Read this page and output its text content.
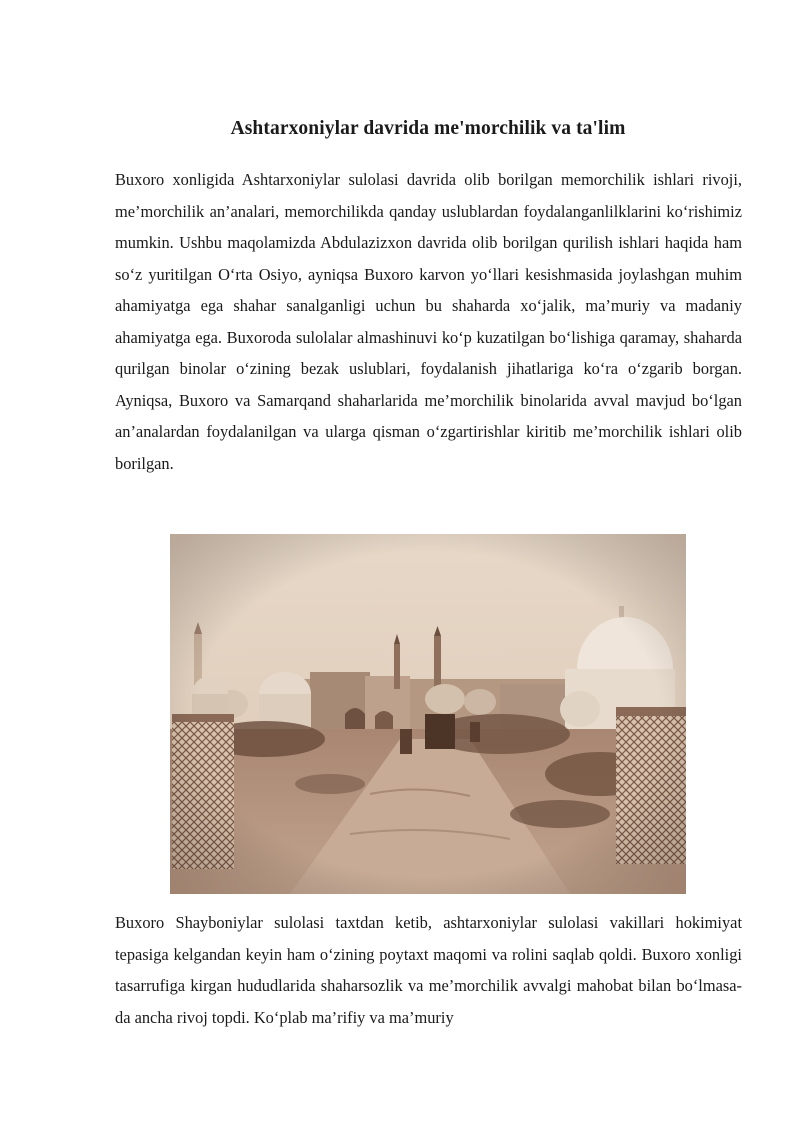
Ashtarxoniylar davrida me'morchilik va ta'lim

Buxoro xonligida Ashtarxoniylar sulolasi davrida olib borilgan memorchilik ishlari rivoji, me’morchilik an’analari, memorchilikda qanday uslublardan foydalanganlilklarini ko‘rishimiz mumkin. Ushbu maqolamizda Abdulazizxon davrida olib borilgan qurilish ishlari haqida ham so‘z yuritilgan O‘rta Osiyo, ayniqsa Buxoro karvon yo‘llari kesishmasida joylashgan muhim ahamiyatga ega shahar sanalganligi uchun bu shaharda xo‘jalik, ma’muriy va madaniy ahamiyatga ega. Buxoroda sulolalar almashinuvi ko‘p kuzatilgan bo‘lishiga qaramay, shaharda qurilgan binolar o‘zining bezak uslublari, foydalanish jihatlariga ko‘ra o‘zgarib borgan. Ayniqsa, Buxoro va Samarqand shaharlarida me’morchilik binolarida avval mavjud bo‘lgan an’analardan foydalanilgan va ularga qisman o‘zgartirishlar kiritib me’morchilik ishlari olib borilgan.

Buxoro Shayboniylar sulolasi taxtdan ketib, ashtarxoniylar sulolasi vakillari hokimiyat tepasiga kelgandan keyin ham o‘zining poytaxt maqomi va rolini saqlab qoldi. Buxoro xonligi tasarrufiga kirgan hududlarida shaharsozlik va me’morchilik avvalgi mahobat bilan bo‘lmasa-da ancha rivoj topdi. Ko‘plab ma’rifiy va ma’muriy
